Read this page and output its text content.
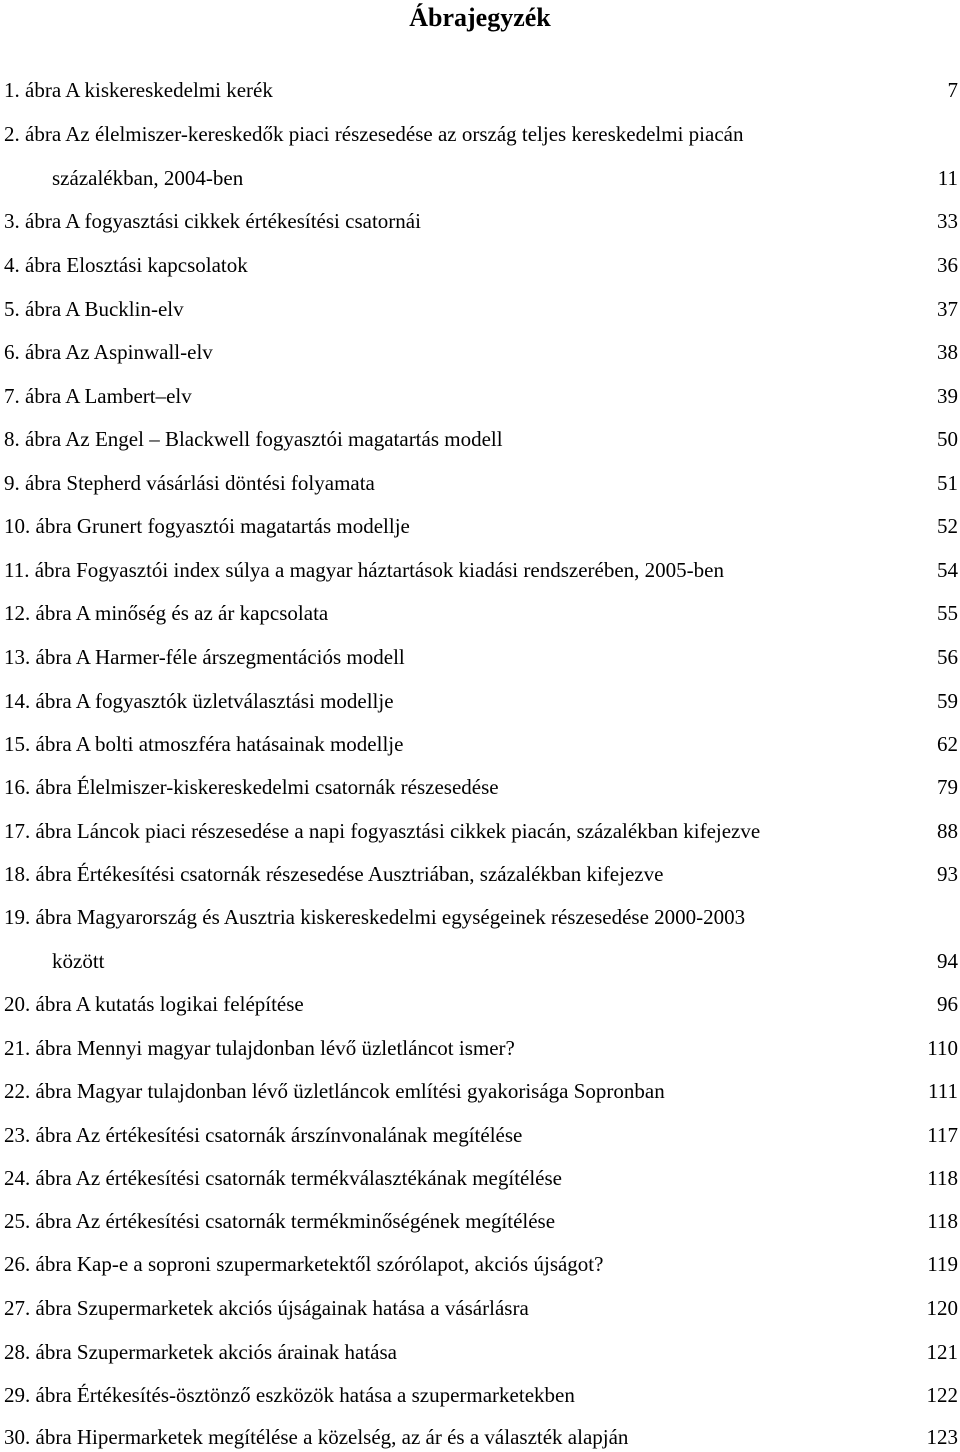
Ábrajegyzék
1. ábra A kiskereskedelmi kerék	7
2. ábra Az élelmiszer-kereskedők piaci részesedése az ország teljes kereskedelmi piacán
százalékban, 2004-ben	11
3. ábra A fogyasztási cikkek értékesítési csatornái	33
4. ábra Elosztási kapcsolatok	36
5. ábra A Bucklin-elv	37
6. ábra Az Aspinwall-elv	38
7. ábra A Lambert–elv	39
8. ábra Az Engel – Blackwell fogyasztói magatartás modell	50
9. ábra Stepherd vásárlási döntési folyamata	51
10. ábra Grunert fogyasztói magatartás modellje	52
11. ábra Fogyasztói index súlya a magyar háztartások kiadási rendszerében, 2005-ben	54
12. ábra A minőség és az ár kapcsolata	55
13. ábra A Harmer-féle árszegmentációs modell	56
14. ábra A fogyasztók üzletválasztási modellje	59
15. ábra A bolti atmoszféra hatásainak modellje	62
16. ábra Élelmiszer-kiskereskedelmi csatornák részesedése	79
17. ábra Láncok piaci részesedése a napi fogyasztási cikkek piacán, százalékban kifejezve	88
18. ábra Értékesítési csatornák részesedése Ausztriában, százalékban kifejezve	93
19. ábra Magyarország és Ausztria kiskereskedelmi egységeinek részesedése 2000-2003
között	94
20. ábra A kutatás logikai felépítése	96
21. ábra Mennyi magyar tulajdonban lévő üzletláncot ismer?	110
22. ábra Magyar tulajdonban lévő üzletláncok említési gyakorisága Sopronban	111
23. ábra Az értékesítési csatornák árszínvonalának megítélése	117
24. ábra Az értékesítési csatornák termékválasztékának megítélése	118
25. ábra Az értékesítési csatornák termékminőségének megítélése	118
26. ábra Kap-e a soproni szupermarketektől szórólapot, akciós újságot?	119
27. ábra Szupermarketek akciós újságainak hatása a vásárlásra	120
28. ábra Szupermarketek akciós árainak hatása	121
29. ábra Értékesítés-ösztönző eszközök hatása a szupermarketekben	122
30. ábra Hipermarketek megítélése a közelség, az ár és a választék alapján	123
